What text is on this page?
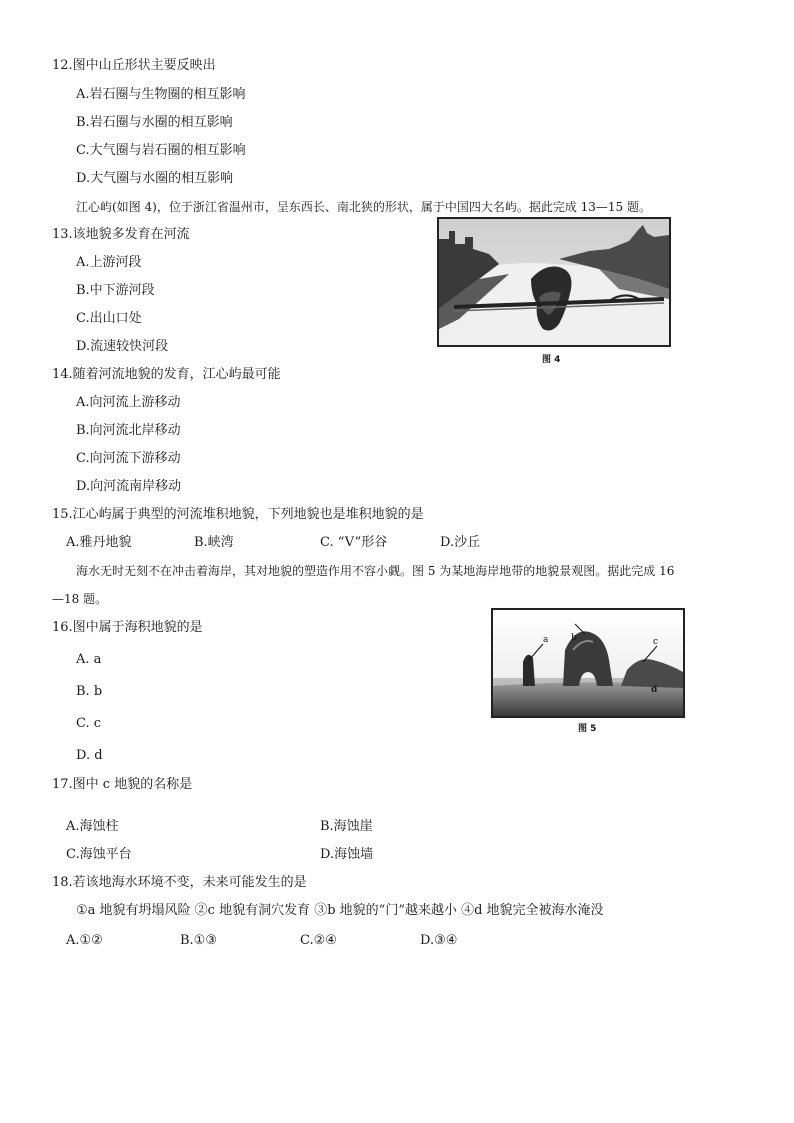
12.图中山丘形状主要反映出
A.岩石圈与生物圈的相互影响
B.岩石圈与水圈的相互影响
C.大气圈与岩石圈的相互影响
D.大气圈与水圈的相互影响
江心屿(如图 4)，位于浙江省温州市，呈东西长、南北狭的形状，属于中国四大名屿。据此完成 13—15 题。
13.该地貌多发育在河流
A.上游河段
B.中下游河段
C.出山口处
D.流速较快河段
图 4
14.随着河流地貌的发育，江心屿最可能
A.向河流上游移动
B.向河流北岸移动
C.向河流下游移动
D.向河流南岸移动
15.江心屿属于典型的河流堆积地貌，下列地貌也是堆积地貌的是
A.雅丹地貌	B.峡湾	C. “V”形谷	D.沙丘
海水无时无刻不在冲击着海岸，其对地貌的塑造作用不容小觑。图 5 为某地海岸地带的地貌景观图。据此完成 16
—18 题。
16.图中属于海积地貌的是
A. a
B. b
C. c
D. d
a	b	c
d
图 5
17.图中 c 地貌的名称是
A.海蚀柱	B.海蚀崖
C.海蚀平台	D.海蚀墙
18.若该地海水环境不变，未来可能发生的是
①a 地貌有坍塌风险 ②c 地貌有洞穴发育 ③b 地貌的“门”越来越小 ④d 地貌完全被海水淹没
A.①②	B.①③	C.②④	D.③④
